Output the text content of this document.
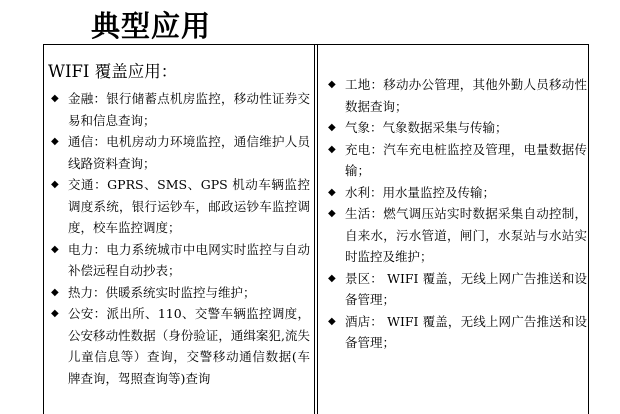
典型应用
WIFI 覆盖应用：
◆ 金融：银行储蓄点机房监控，移动性证券交易和信息查询；
◆ 通信：电机房动力环境监控，通信维护人员线路资料查询；
◆ 交通：GPRS、SMS、GPS 机动车辆监控调度系统，银行运钞车，邮政运钞车监控调度，校车监控调度；
◆ 电力：电力系统城市中电网实时监控与自动补偿远程自动抄表；
◆ 热力：供暖系统实时监控与维护；
◆ 公安：派出所、110、交警车辆监控调度，公安移动性数据（身份验证，通缉案犯,流失儿童信息等）查询，交警移动通信数据(车牌查询，驾照查询等)查询
◆ 工地：移动办公管理，其他外勤人员移动性数据查询；
◆ 气象：气象数据采集与传输；
◆ 充电：汽车充电桩监控及管理，电量数据传输；
◆ 水利：用水量监控及传输；
◆ 生活：燃气调压站实时数据采集自动控制，自来水，污水管道，闸门，水泵站与水站实时监控及维护；
◆ 景区： WIFI 覆盖，无线上网广告推送和设备管理；
◆ 酒店： WIFI 覆盖，无线上网广告推送和设备管理；
